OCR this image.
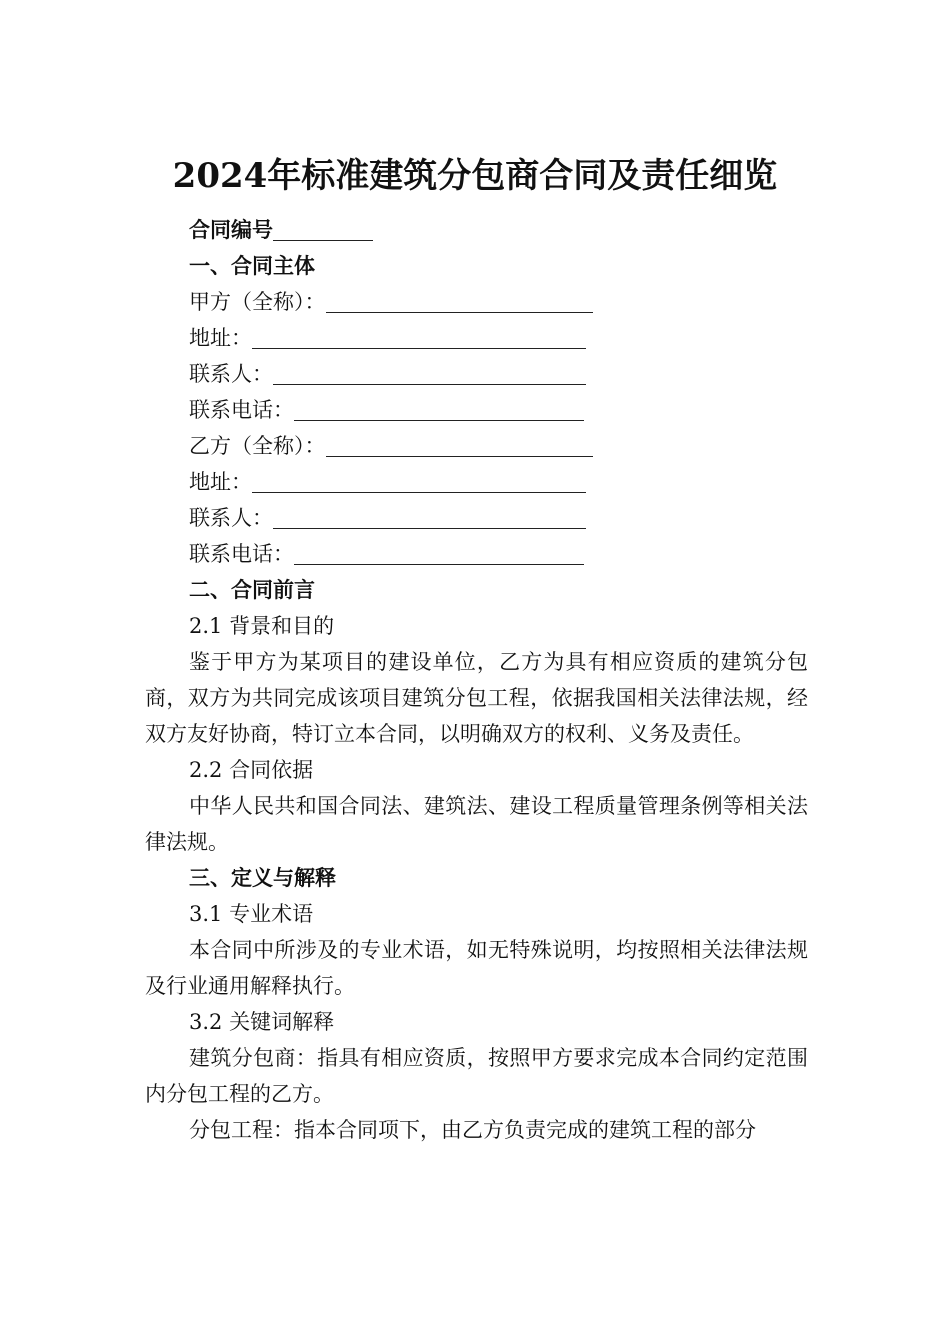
2024年标准建筑分包商合同及责任细览

合同编号

一、合同主体

甲方（全称）：

地址：

联系人：

联系电话：

乙方（全称）：

地址：

联系人：

联系电话：

二、合同前言

2.1 背景和目的

鉴于甲方为某项目的建设单位，乙方为具有相应资质的建筑分包商，双方为共同完成该项目建筑分包工程，依据我国相关法律法规，经双方友好协商，特订立本合同，以明确双方的权利、义务及责任。

2.2 合同依据

中华人民共和国合同法、建筑法、建设工程质量管理条例等相关法律法规。

三、定义与解释

3.1 专业术语

本合同中所涉及的专业术语，如无特殊说明，均按照相关法律法规及行业通用解释执行。

3.2 关键词解释

建筑分包商：指具有相应资质，按照甲方要求完成本合同约定范围内分包工程的乙方。

分包工程：指本合同项下，由乙方负责完成的建筑工程的部分
